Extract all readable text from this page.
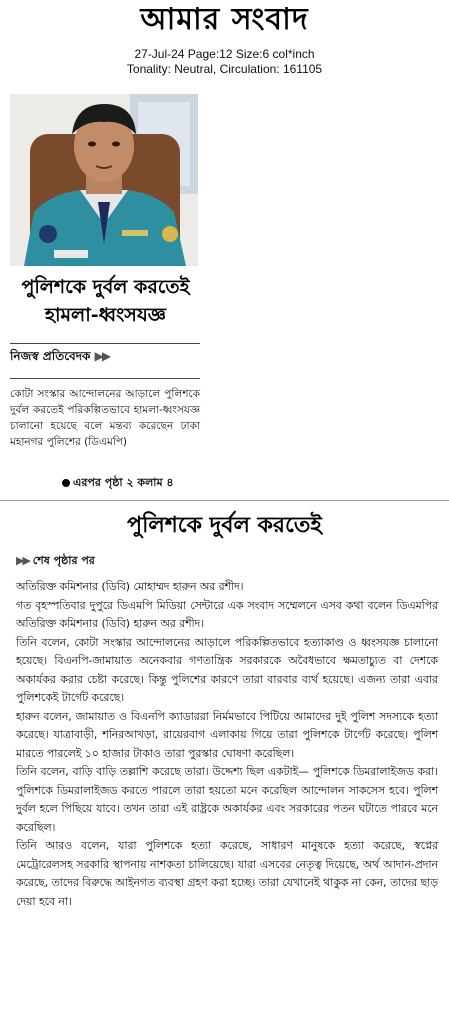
আমার সংবাদ
27-Jul-24 Page:12 Size:6 col*inch
Tonality: Neutral, Circulation: 161105
পুলিশকে দুর্বল করতেই
হামলা-ধ্বংসযজ্ঞ
নিজস্ব প্রতিবেদক ▶▶
কোটা সংস্কার আন্দোলনের আড়ালে পুলিশকে দুর্বল করতেই পরিকল্পিতভাবে হামলা-ধ্বংসযজ্ঞ চালানো হয়েছে বলে মন্তব্য করেছেন ঢাকা মহানগর পুলিশের (ডিএমপি)
এরপর পৃষ্ঠা ২ কলাম ৪
পুলিশকে দুর্বল করতেই
▶▶ শেষ পৃষ্ঠার পর

অতিরিক্ত কমিশনার (ডিবি) মোহাম্মদ হারুন অর রশীদ।

গত বৃহস্পতিবার দুপুরে ডিএমপি মিডিয়া সেন্টারে এক সংবাদ সম্মেলনে এসব কথা বলেন ডিএমপির অতিরিক্ত কমিশনার (ডিবি) হারুন অর রশীদ।

তিনি বলেন, কোটা সংস্কার আন্দোলনের আড়ালে পরিকল্পিতভাবে হত্যাকাণ্ড ও ধ্বংসযজ্ঞ চালানো হয়েছে। বিএনপি-জামায়াত অনেকবার গণতান্ত্রিক সরকারকে অবৈধভাবে ক্ষমতাচ্যুত বা দেশকে অকার্যকর করার চেষ্টা করেছে। কিন্তু পুলিশের কারণে তারা বারবার ব্যর্থ হয়েছে। এজন্য তারা এবার পুলিশকেই টার্গেট করেছে।

হারুন বলেন, জামায়াত ও বিএনপি ক্যাডাররা নির্মমভাবে পিটিয়ে আমাদের দুই পুলিশ সদস্যকে হত্যা করেছে। যাত্রাবাড়ী, শনিরআখড়া, রায়েরবাগ এলাকায় গিয়ে তারা পুলিশকে টার্গেট করেছে। পুলিশ মারতে পারলেই ১০ হাজার টাকাও তারা পুরস্কার ঘোষণা করেছিল।

তিনি বলেন, বাড়ি বাড়ি তল্লাশি করেছে তারা। উদ্দেশ্য ছিল একটাই— পুলিশকে ডিমরালাইজড করা। পুলিশকে ডিমরালাইজড করতে পারলে তারা হয়তো মনে করেছিল আন্দোলন সাকসেস হবে। পুলিশ দুর্বল হলে পিছিয়ে যাবে। তখন তারা এই রাষ্ট্রকে অকার্যকর এবং সরকারের পতন ঘটাতে পারবে মনে করেছিল।

তিনি আরও বলেন, যারা পুলিশকে হত্যা করেছে, সাধারণ মানুষকে হত্যা করেছে, স্বপ্নের মেট্রোরেলসহ সরকারি স্থাপনায় নাশকতা চালিয়েছে। যারা এসবের নেতৃত্ব দিয়েছে, অর্থ আদান-প্রদান করেছে, তাদের বিরুদ্ধে আইনগত ব্যবস্থা গ্রহণ করা হচ্ছে। তারা যেখানেই থাকুক না কেন, তাদের ছাড় দেয়া হবে না।
